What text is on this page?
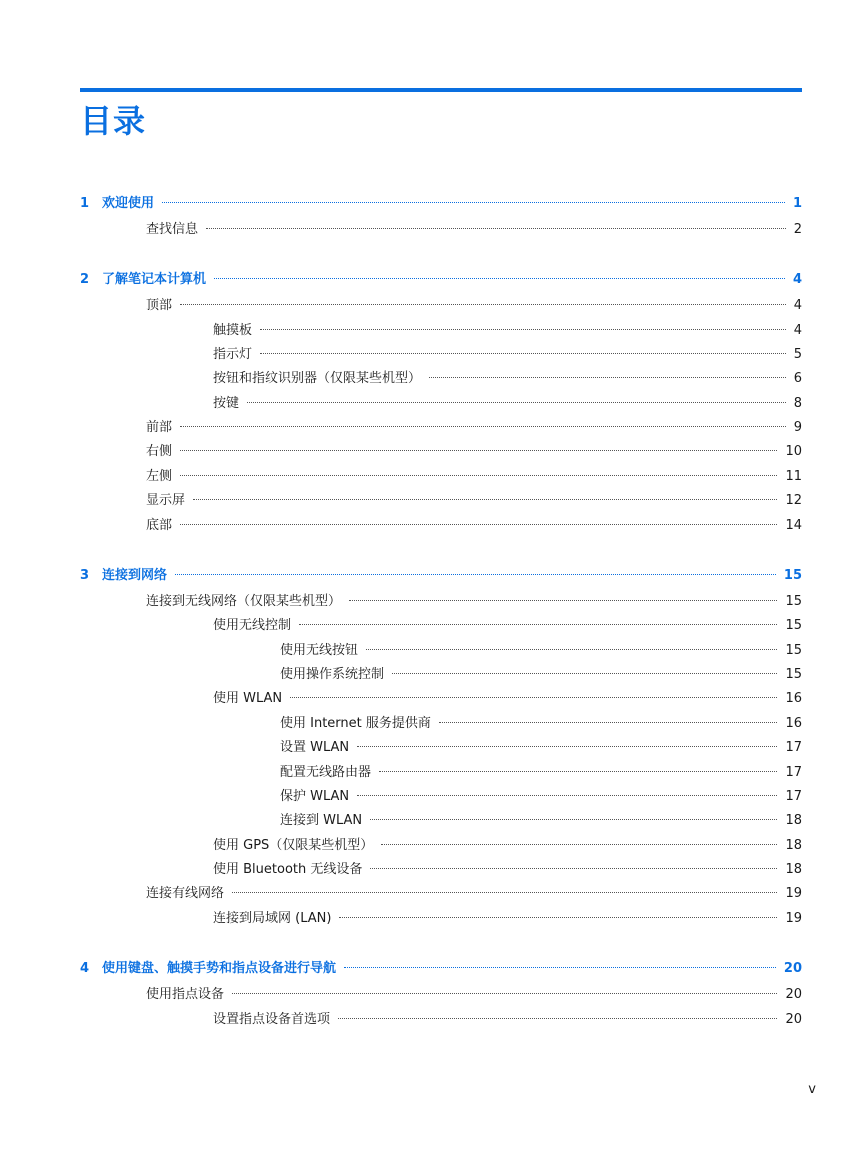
目录
1 欢迎使用	1
查找信息	2
2 了解笔记本计算机	4
顶部	4
触摸板	4
指示灯	5
按钮和指纹识别器（仅限某些机型）	6
按键	8
前部	9
右侧	10
左侧	11
显示屏	12
底部	14
3 连接到网络	15
连接到无线网络（仅限某些机型）	15
使用无线控制	15
使用无线按钮	15
使用操作系统控制	15
使用 WLAN	16
使用 Internet 服务提供商	16
设置 WLAN	17
配置无线路由器	17
保护 WLAN	17
连接到 WLAN	18
使用 GPS（仅限某些机型）	18
使用 Bluetooth 无线设备	18
连接有线网络	19
连接到局域网 (LAN)	19
4 使用键盘、触摸手势和指点设备进行导航	20
使用指点设备	20
设置指点设备首选项	20
v
